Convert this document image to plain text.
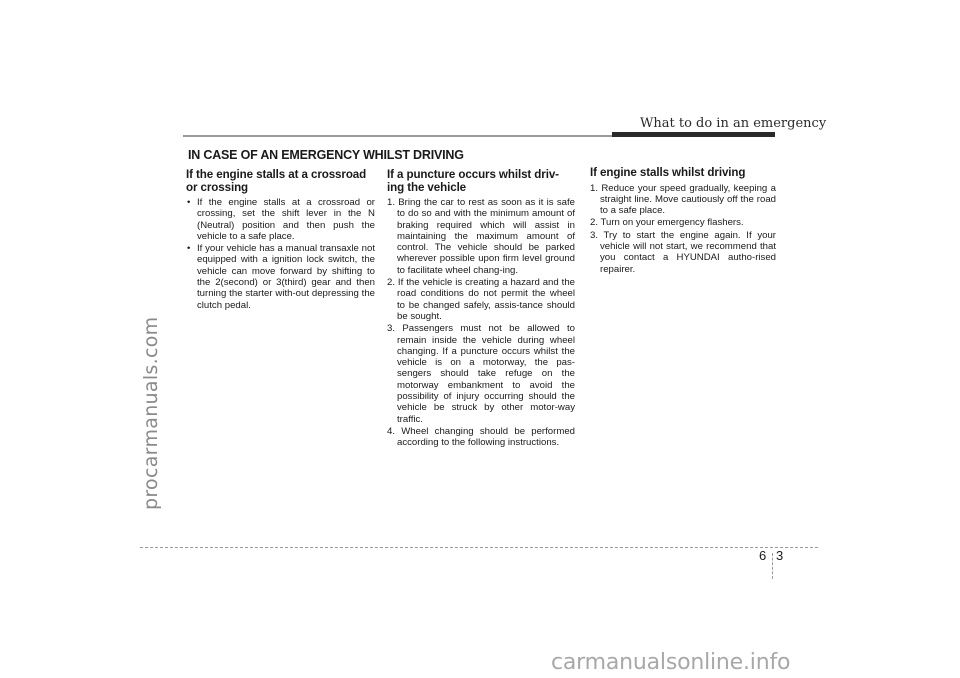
procarmanuals.com
What to do in an emergency
IN CASE OF AN EMERGENCY WHILST DRIVING
If the engine stalls at a crossroad or crossing
• If the engine stalls at a crossroad or crossing, set the shift lever in the N (Neutral) position and then push the vehicle to a safe place.
• If your vehicle has a manual transaxle not equipped with a ignition lock switch, the vehicle can move forward by shifting to the 2(second) or 3(third) gear and then turning the starter with-out depressing the clutch pedal.
If a puncture occurs whilst driv-ing the vehicle
1. Bring the car to rest as soon as it is safe to do so and with the minimum amount of braking required which will assist in maintaining the maximum amount of control. The vehicle should be parked wherever possible upon firm level ground to facilitate wheel chang-ing.
2. If the vehicle is creating a hazard and the road conditions do not permit the wheel to be changed safely, assis-tance should be sought.
3. Passengers must not be allowed to remain inside the vehicle during wheel changing. If a puncture occurs whilst the vehicle is on a motorway, the pas-sengers should take refuge on the motorway embankment to avoid the possibility of injury occurring should the vehicle be struck by other motor-way traffic.
4. Wheel changing should be performed according to the following instructions.
If engine stalls whilst driving
1. Reduce your speed gradually, keeping a straight line. Move cautiously off the road to a safe place.
2. Turn on your emergency flashers.
3. Try to start the engine again. If your vehicle will not start, we recommend that you contact a HYUNDAI autho-rised repairer.
6 3
carmanualsonline.info
